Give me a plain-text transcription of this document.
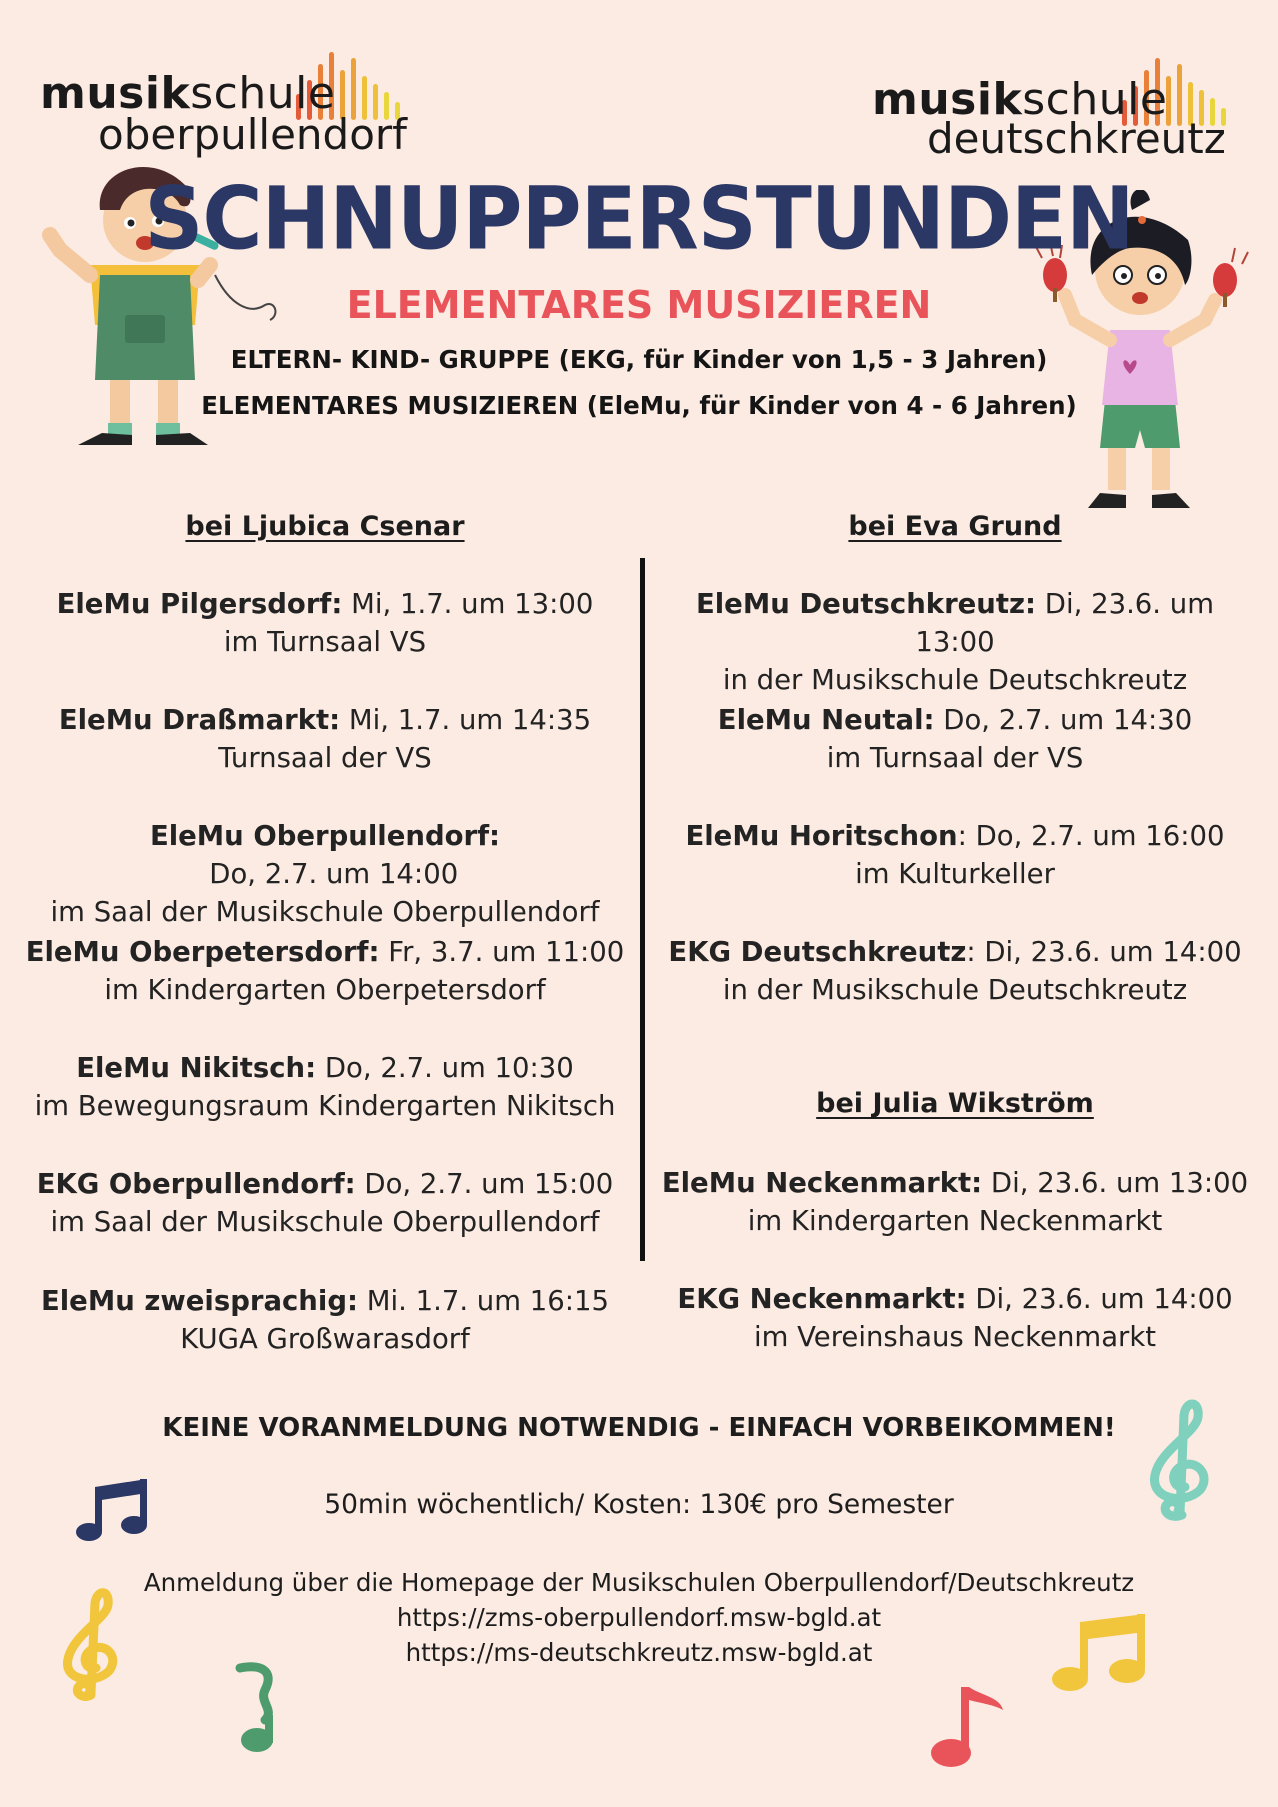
musikschule
oberpullendorf
musikschule
deutschkreutz
SCHNUPPERSTUNDEN
ELEMENTARES MUSIZIEREN
ELTERN- KIND- GRUPPE (EKG, für Kinder von 1,5 - 3 Jahren)
ELEMENTARES MUSIZIEREN (EleMu, für Kinder von 4 - 6 Jahren)
bei Ljubica Csenar
EleMu Pilgersdorf: Mi, 1.7. um 13:00
im Turnsaal VS
EleMu Draßmarkt: Mi, 1.7. um 14:35
Turnsaal der VS
EleMu Oberpullendorf:  Do, 2.7. um 14:00
im Saal der Musikschule Oberpullendorf
EleMu Oberpetersdorf: Fr, 3.7. um 11:00
im Kindergarten Oberpetersdorf
EleMu Nikitsch: Do, 2.7. um 10:30
im Bewegungsraum Kindergarten Nikitsch
EKG Oberpullendorf: Do, 2.7. um 15:00
im Saal der Musikschule Oberpullendorf
EleMu zweisprachig: Mi. 1.7. um 16:15
KUGA Großwarasdorf
bei Eva Grund
EleMu Deutschkreutz: Di, 23.6. um 13:00
in der Musikschule Deutschkreutz
EleMu Neutal: Do, 2.7. um 14:30
im Turnsaal der VS
EleMu Horitschon: Do, 2.7. um 16:00
im Kulturkeller
EKG Deutschkreutz: Di, 23.6. um 14:00
in der Musikschule Deutschkreutz
bei Julia Wikström
EleMu Neckenmarkt: Di, 23.6. um 13:00
im Kindergarten Neckenmarkt
EKG Neckenmarkt: Di, 23.6. um 14:00
im Vereinshaus Neckenmarkt
KEINE VORANMELDUNG NOTWENDIG - EINFACH VORBEIKOMMEN!
50min wöchentlich/ Kosten: 130€ pro Semester
Anmeldung über die Homepage der Musikschulen Oberpullendorf/Deutschkreutz
https://zms-oberpullendorf.msw-bgld.at
https://ms-deutschkreutz.msw-bgld.at
